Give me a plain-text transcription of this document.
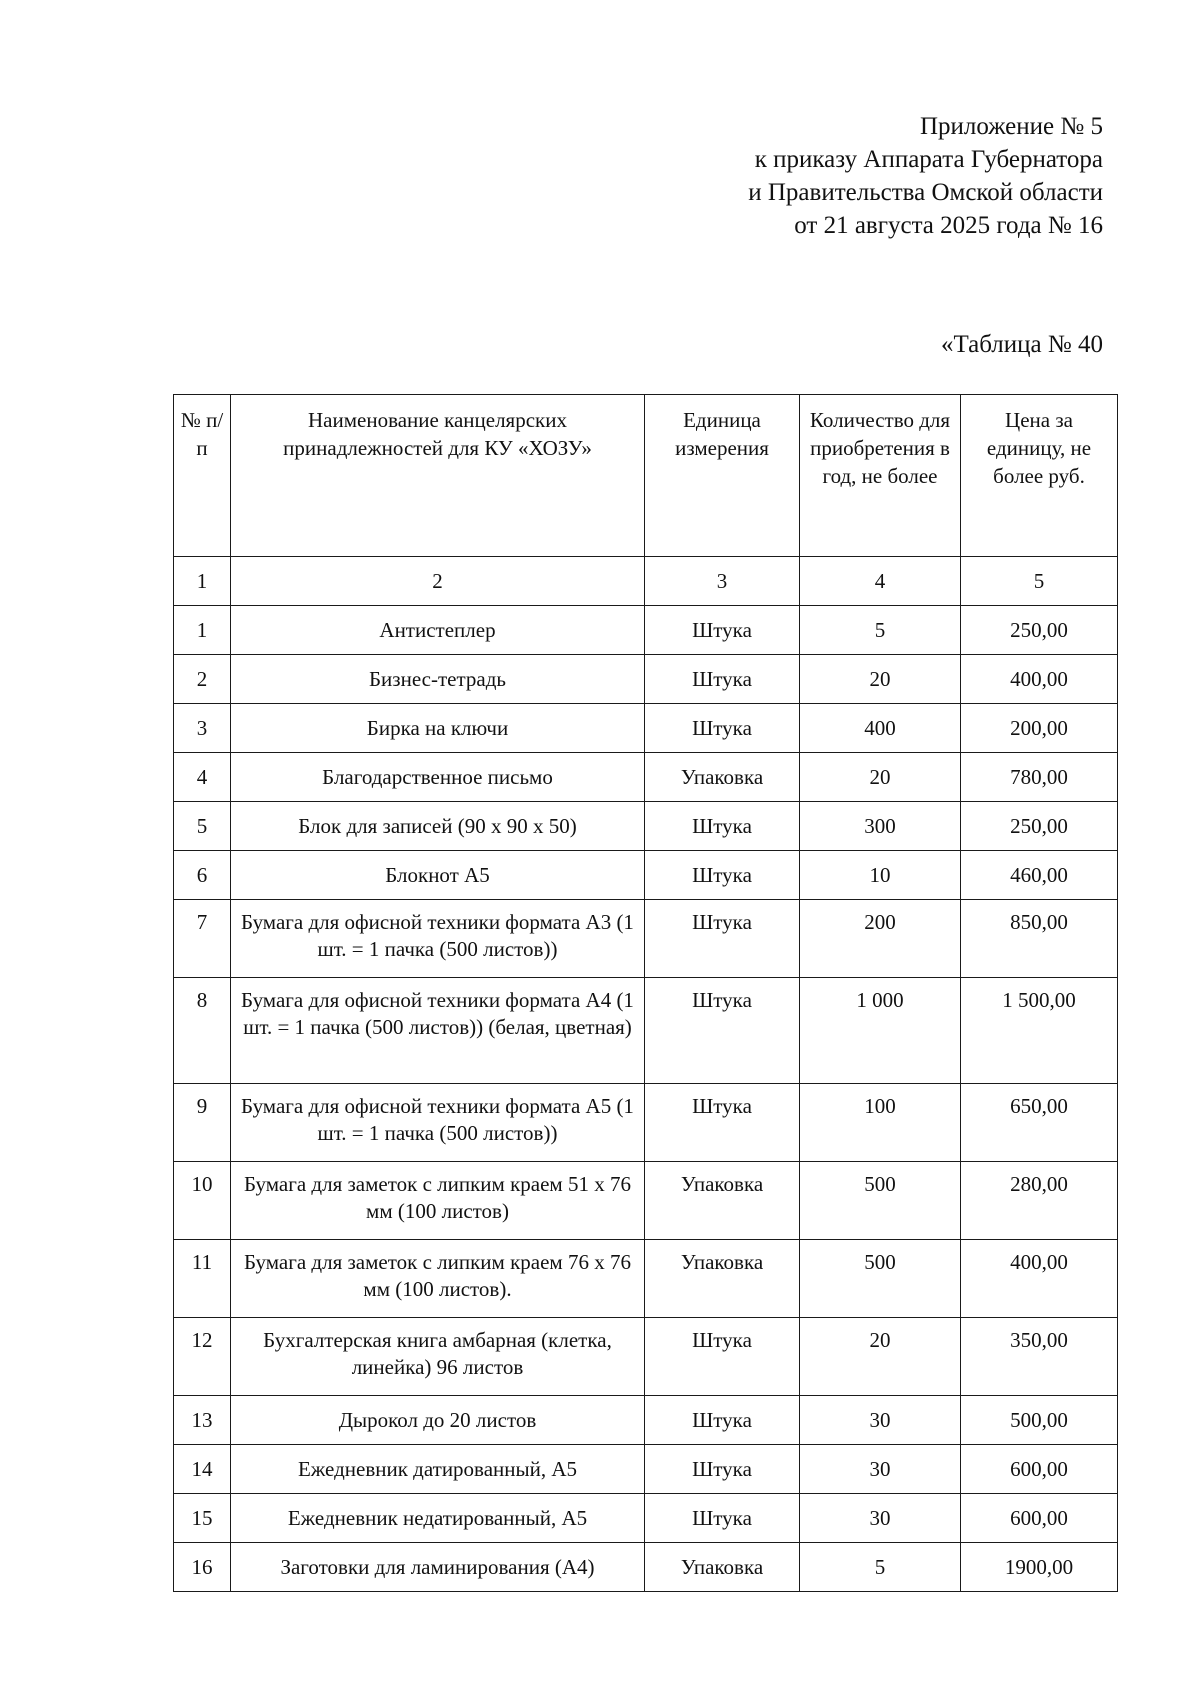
Приложение № 5
к приказу Аппарата Губернатора
и Правительства Омской области
от 21 августа 2025 года № 16
«Таблица № 40
№ п/п	Наименование канцелярских принадлежностей для КУ «ХОЗУ»	Единица измерения	Количество для приобретения в год, не более	Цена за единицу, не более руб.
1	2	3	4	5
1	Антистеплер	Штука	5	250,00
2	Бизнес-тетрадь	Штука	20	400,00
3	Бирка на ключи	Штука	400	200,00
4	Благодарственное письмо	Упаковка	20	780,00
5	Блок для записей (90 х 90 х 50)	Штука	300	250,00
6	Блокнот А5	Штука	10	460,00
7	Бумага для офисной техники формата А3 (1 шт. = 1 пачка (500 листов))	Штука	200	850,00
8	Бумага для офисной техники формата А4 (1 шт. = 1 пачка (500 листов)) (белая, цветная)	Штука	1 000	1 500,00
9	Бумага для офисной техники формата А5 (1 шт. = 1 пачка (500 листов))	Штука	100	650,00
10	Бумага для заметок с липким краем 51 х 76 мм (100 листов)	Упаковка	500	280,00
11	Бумага для заметок с липким краем 76 х 76 мм (100 листов).	Упаковка	500	400,00
12	Бухгалтерская книга амбарная (клетка, линейка) 96 листов	Штука	20	350,00
13	Дырокол до 20 листов	Штука	30	500,00
14	Ежедневник датированный, А5	Штука	30	600,00
15	Ежедневник недатированный, А5	Штука	30	600,00
16	Заготовки для ламинирования (А4)	Упаковка	5	1900,00
